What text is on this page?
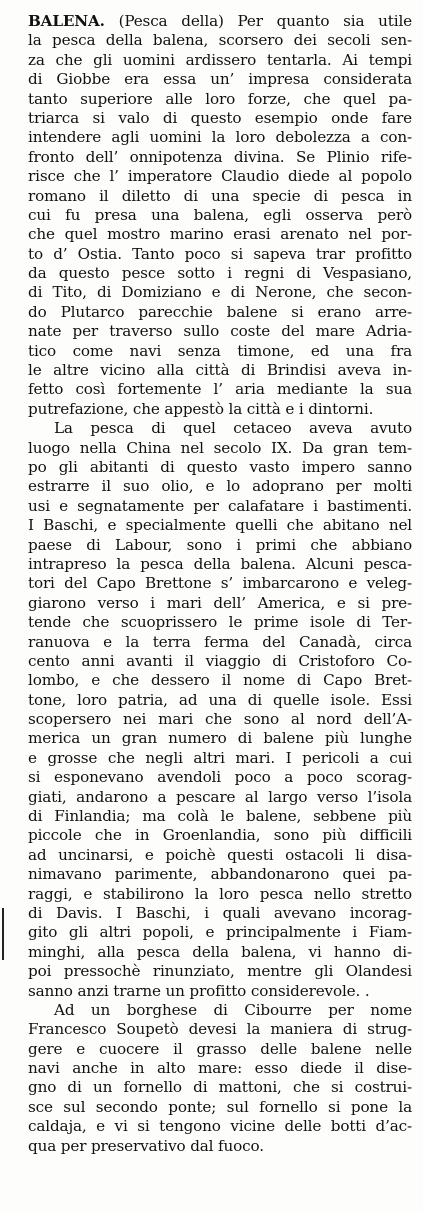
BALENA. (Pesca della) Per quanto sia utile
la pesca della balena, scorsero dei secoli sen-
za che gli uomini ardissero tentarla. Ai tempi
di Giobbe era essa un’ impresa considerata
tanto superiore alle loro forze, che quel pa-
triarca si valo di questo esempio onde fare
intendere agli uomini la loro debolezza a con-
fronto dell’ onnipotenza divina. Se Plinio rife-
risce che l’ imperatore Claudio diede al popolo
romano il diletto di una specie di pesca in
cui fu presa una balena, egli osserva però
che quel mostro marino erasi arenato nel por-
to d’ Ostia. Tanto poco si sapeva trar profitto
da questo pesce sotto i regni di Vespasiano,
di Tito, di Domiziano e di Nerone, che secon-
do Plutarco parecchie balene si erano arre-
nate per traverso sullo coste del mare Adria-
tico come navi senza timone, ed una fra
le altre vicino alla città di Brindisi aveva in-
fetto così fortemente l’ aria mediante la sua
putrefazione, che appestò la città e i dintorni.
La pesca di quel cetaceo aveva avuto
luogo nella China nel secolo IX. Da gran tem-
po gli abitanti di questo vasto impero sanno
estrarre il suo olio, e lo adoprano per molti
usi e segnatamente per calafatare i bastimenti.
I Baschi, e specialmente quelli che abitano nel
paese di Labour, sono i primi che abbiano
intrapreso la pesca della balena. Alcuni pesca-
tori del Capo Brettone s’ imbarcarono e veleg-
giarono verso i mari dell’ America, e si pre-
tende che scuoprissero le prime isole di Ter-
ranuova e la terra ferma del Canadà, circa
cento anni avanti il viaggio di Cristoforo Co-
lombo, e che dessero il nome di Capo Bret-
tone, loro patria, ad una di quelle isole. Essi
scopersero nei mari che sono al nord dell’A-
merica un gran numero di balene più lunghe
e grosse che negli altri mari. I pericoli a cui
si esponevano avendoli poco a poco scorag-
giati, andarono a pescare al largo verso l’isola
di Finlandia; ma colà le balene, sebbene più
piccole che in Groenlandia, sono più difficili
ad uncinarsi, e poichè questi ostacoli li disa-
nimavano parimente, abbandonarono quei pa-
raggi, e stabilirono la loro pesca nello stretto
di Davis. I Baschi, i quali avevano incorag-
gito gli altri popoli, e principalmente i Fiam-
minghi, alla pesca della balena, vi hanno di-
poi pressochè rinunziato, mentre gli Olandesi
sanno anzi trarne un profitto considerevole. .
Ad un borghese di Cibourre per nome
Francesco Soupetò devesi la maniera di strug-
gere e cuocere il grasso delle balene nelle
navi anche in alto mare: esso diede il dise-
gno di un fornello di mattoni, che si costrui-
sce sul secondo ponte; sul fornello si pone la
caldaja, e vi si tengono vicine delle botti d’ac-
qua per preservativo dal fuoco.
